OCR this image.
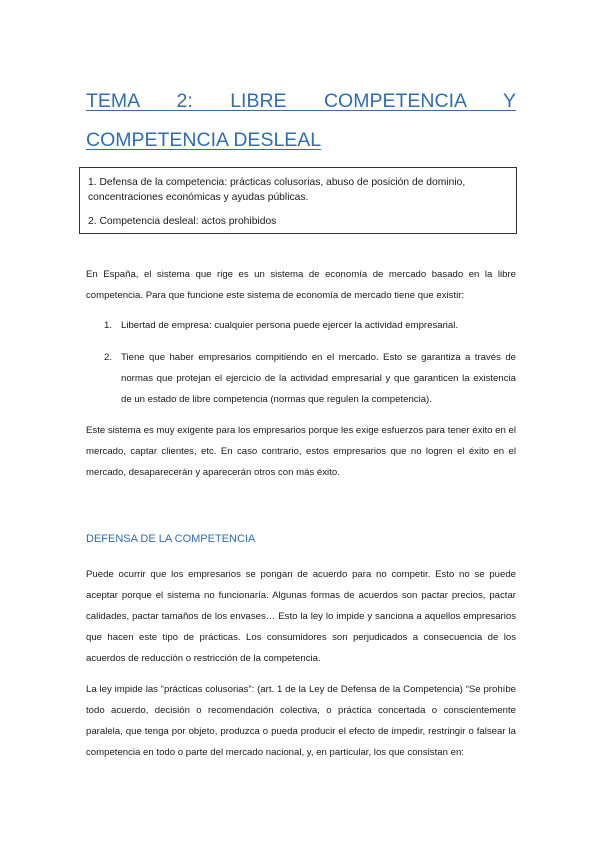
TEMA 2: LIBRE COMPETENCIA Y COMPETENCIA DESLEAL

1. Defensa de la competencia: prácticas colusorias, abuso de posición de dominio, concentraciones económicas y ayudas públicas.

2. Competencia desleal: actos prohibidos

En España, el sistema que rige es un sistema de economía de mercado basado en la libre competencia. Para que funcione este sistema de economía de mercado tiene que existir:

1. Libertad de empresa: cualquier persona puede ejercer la actividad empresarial.
2. Tiene que haber empresarios compitiendo en el mercado. Esto se garantiza a través de normas que protejan el ejercicio de la actividad empresarial y que garanticen la existencia de un estado de libre competencia (normas que regulen la competencia).

Este sistema es muy exigente para los empresarios porque les exige esfuerzos para tener éxito en el mercado, captar clientes, etc. En caso contrario, estos empresarios que no logren el éxito en el mercado, desaparecerán y aparecerán otros con más éxito.

DEFENSA DE LA COMPETENCIA

Puede ocurrir que los empresarios se pongan de acuerdo para no competir. Esto no se puede aceptar porque el sistema no funcionaría. Algunas formas de acuerdos son pactar precios, pactar calidades, pactar tamaños de los envases… Esto la ley lo impide y sanciona a aquellos empresarios que hacen este tipo de prácticas. Los consumidores son perjudicados a consecuencia de los acuerdos de reducción o restricción de la competencia.

La ley impide las “prácticas colusorias”: (art. 1 de la Ley de Defensa de la Competencia) “Se prohíbe todo acuerdo, decisión o recomendación colectiva, o práctica concertada o conscientemente paralela, que tenga por objeto, produzca o pueda producir el efecto de impedir, restringir o falsear la competencia en todo o parte del mercado nacional, y, en particular, los que consistan en:
